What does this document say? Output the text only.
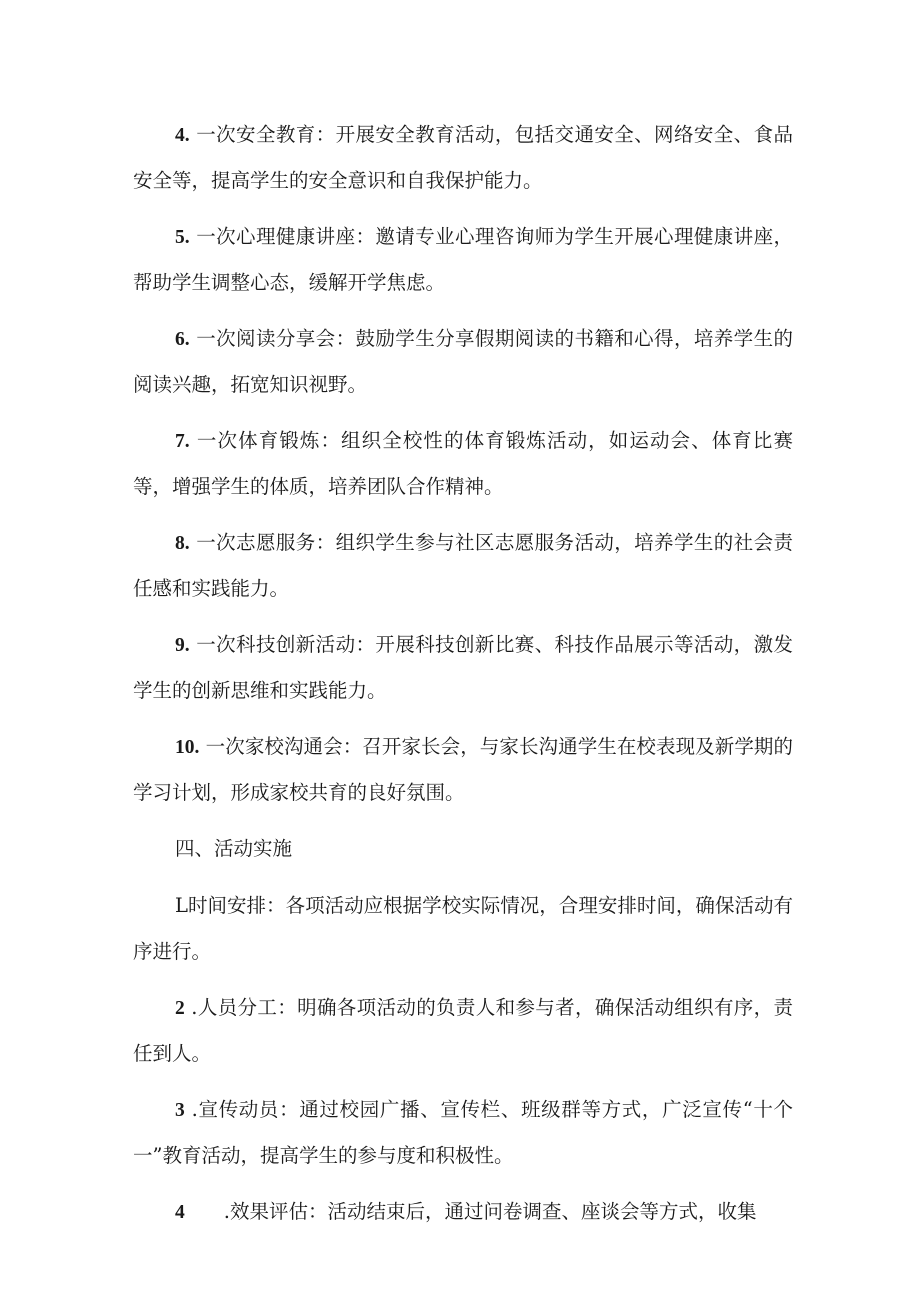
4. 一次安全教育：开展安全教育活动，包括交通安全、网络安全、食品安全等，提高学生的安全意识和自我保护能力。

5. 一次心理健康讲座：邀请专业心理咨询师为学生开展心理健康讲座，帮助学生调整心态，缓解开学焦虑。

6. 一次阅读分享会：鼓励学生分享假期阅读的书籍和心得，培养学生的阅读兴趣，拓宽知识视野。

7. 一次体育锻炼：组织全校性的体育锻炼活动，如运动会、体育比赛等，增强学生的体质，培养团队合作精神。

8. 一次志愿服务：组织学生参与社区志愿服务活动，培养学生的社会责任感和实践能力。

9. 一次科技创新活动：开展科技创新比赛、科技作品展示等活动，激发学生的创新思维和实践能力。

10. 一次家校沟通会：召开家长会，与家长沟通学生在校表现及新学期的学习计划，形成家校共育的良好氛围。

四、活动实施

L时间安排：各项活动应根据学校实际情况，合理安排时间，确保活动有序进行。

2 .人员分工：明确各项活动的负责人和参与者，确保活动组织有序，责任到人。

3 .宣传动员：通过校园广播、宣传栏、班级群等方式，广泛宣传“十个一”教育活动，提高学生的参与度和积极性。

4　　.效果评估：活动结束后，通过问卷调查、座谈会等方式，收集
